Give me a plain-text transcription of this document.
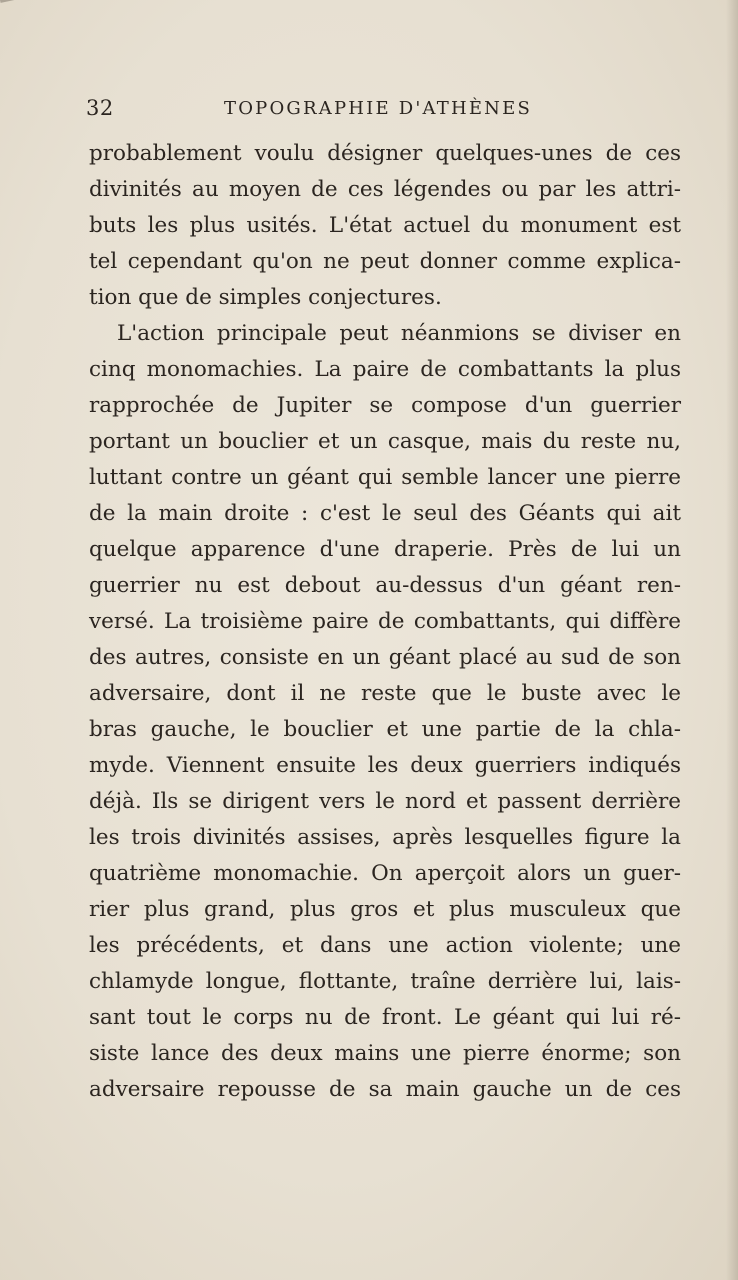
32	TOPOGRAPHIE D'ATHÈNES
probablement voulu désigner quelques-unes de ces
divinités au moyen de ces légendes ou par les attri-
buts les plus usités. L'état actuel du monument est
tel cependant qu'on ne peut donner comme explica-
tion que de simples conjectures.
L'action principale peut néanmions se diviser en
cinq monomachies. La paire de combattants la plus
rapprochée de Jupiter se compose d'un guerrier
portant un bouclier et un casque, mais du reste nu,
luttant contre un géant qui semble lancer une pierre
de la main droite : c'est le seul des Géants qui ait
quelque apparence d'une draperie. Près de lui un
guerrier nu est debout au-dessus d'un géant ren-
versé. La troisième paire de combattants, qui diffère
des autres, consiste en un géant placé au sud de son
adversaire, dont il ne reste que le buste avec le
bras gauche, le bouclier et une partie de la chla-
myde. Viennent ensuite les deux guerriers indiqués
déjà. Ils se dirigent vers le nord et passent derrière
les trois divinités assises, après lesquelles figure la
quatrième monomachie. On aperçoit alors un guer-
rier plus grand, plus gros et plus musculeux que
les précédents, et dans une action violente; une
chlamyde longue, flottante, traîne derrière lui, lais-
sant tout le corps nu de front. Le géant qui lui ré-
siste lance des deux mains une pierre énorme; son
adversaire repousse de sa main gauche un de ces
